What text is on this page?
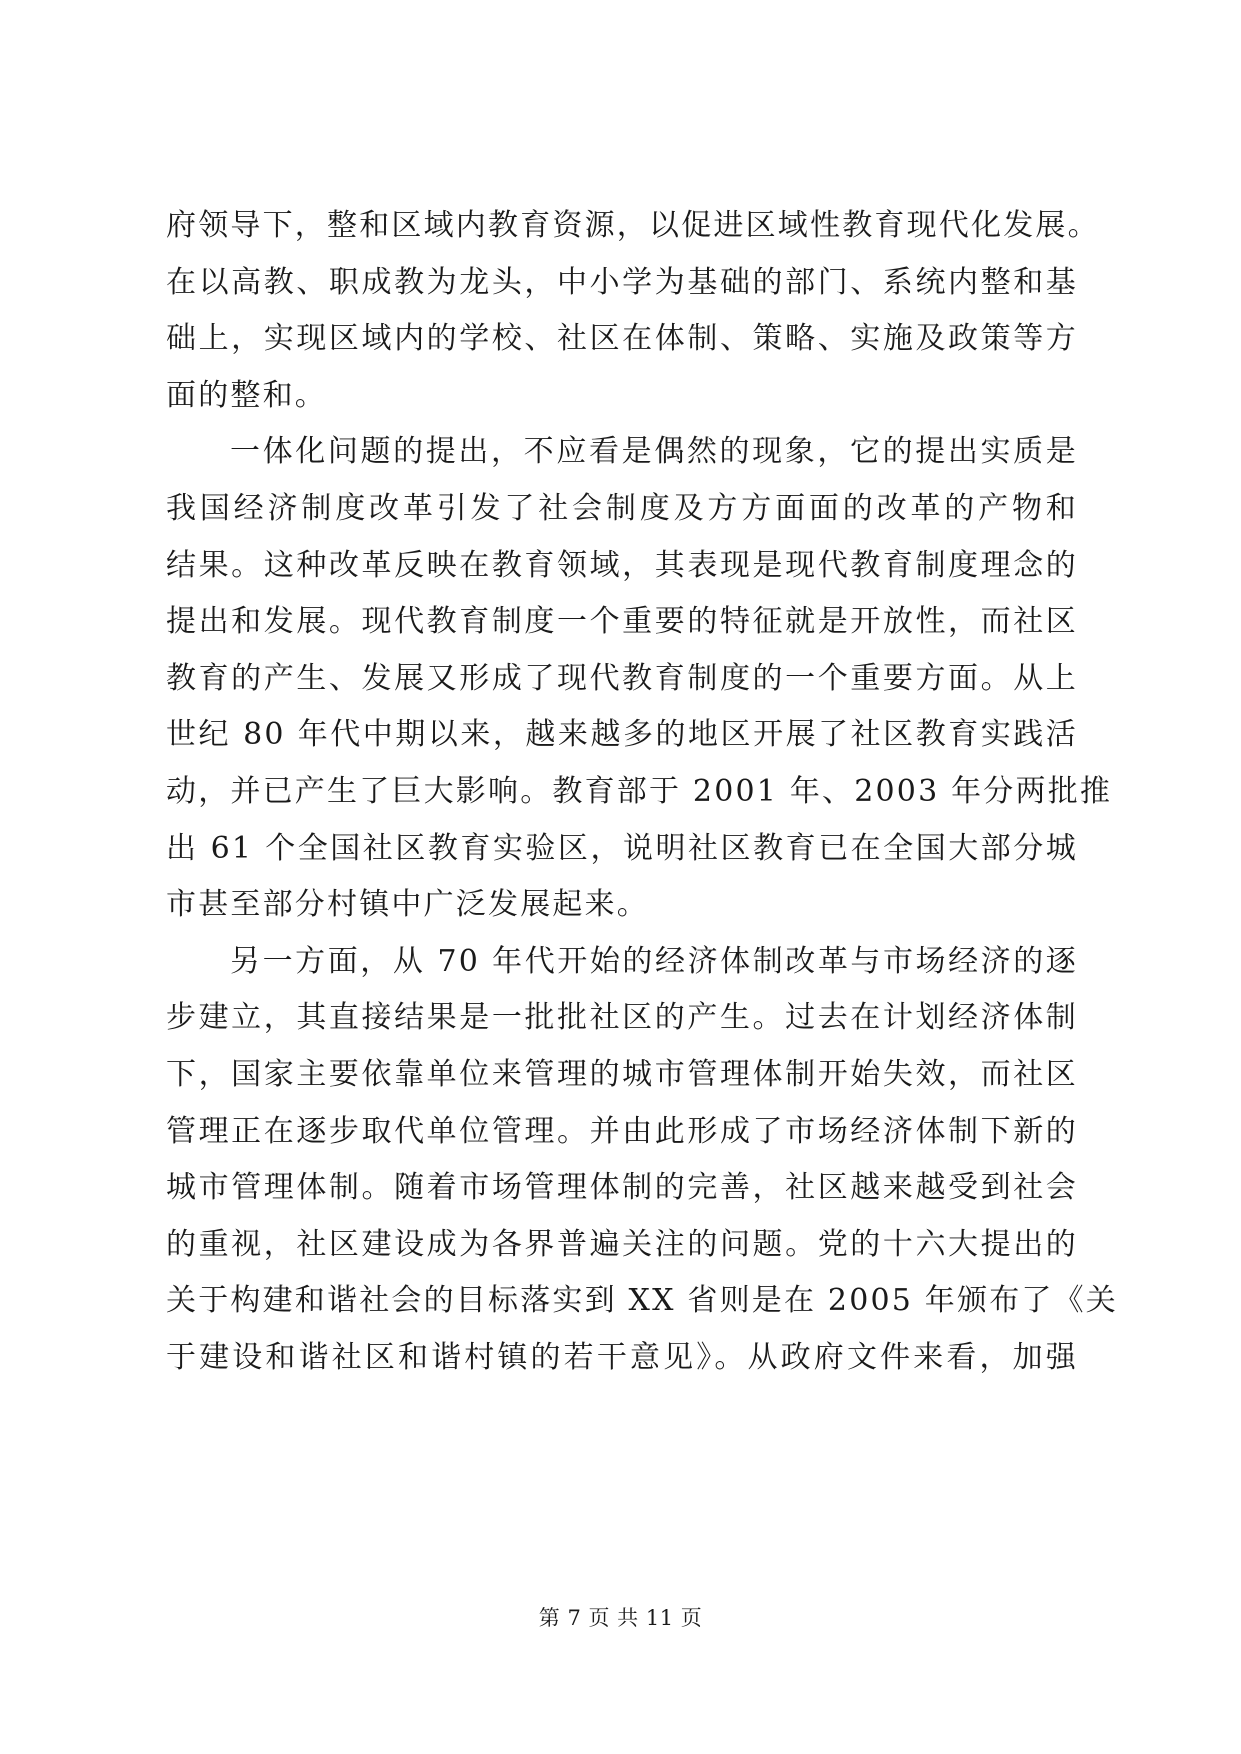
府领导下，整和区域内教育资源，以促进区域性教育现代化发展。
在以高教、职成教为龙头，中小学为基础的部门、系统内整和基
础上，实现区域内的学校、社区在体制、策略、实施及政策等方
面的整和。
一体化问题的提出，不应看是偶然的现象，它的提出实质是
我国经济制度改革引发了社会制度及方方面面的改革的产物和
结果。这种改革反映在教育领域，其表现是现代教育制度理念的
提出和发展。现代教育制度一个重要的特征就是开放性，而社区
教育的产生、发展又形成了现代教育制度的一个重要方面。从上
世纪 80 年代中期以来，越来越多的地区开展了社区教育实践活
动，并已产生了巨大影响。教育部于 2001 年、2003 年分两批推
出 61 个全国社区教育实验区，说明社区教育已在全国大部分城
市甚至部分村镇中广泛发展起来。
另一方面，从 70 年代开始的经济体制改革与市场经济的逐
步建立，其直接结果是一批批社区的产生。过去在计划经济体制
下，国家主要依靠单位来管理的城市管理体制开始失效，而社区
管理正在逐步取代单位管理。并由此形成了市场经济体制下新的
城市管理体制。随着市场管理体制的完善，社区越来越受到社会
的重视，社区建设成为各界普遍关注的问题。党的十六大提出的
关于构建和谐社会的目标落实到 XX 省则是在 2005 年颁布了《关
于建设和谐社区和谐村镇的若干意见》。从政府文件来看，加强
第 7 页 共 11 页
